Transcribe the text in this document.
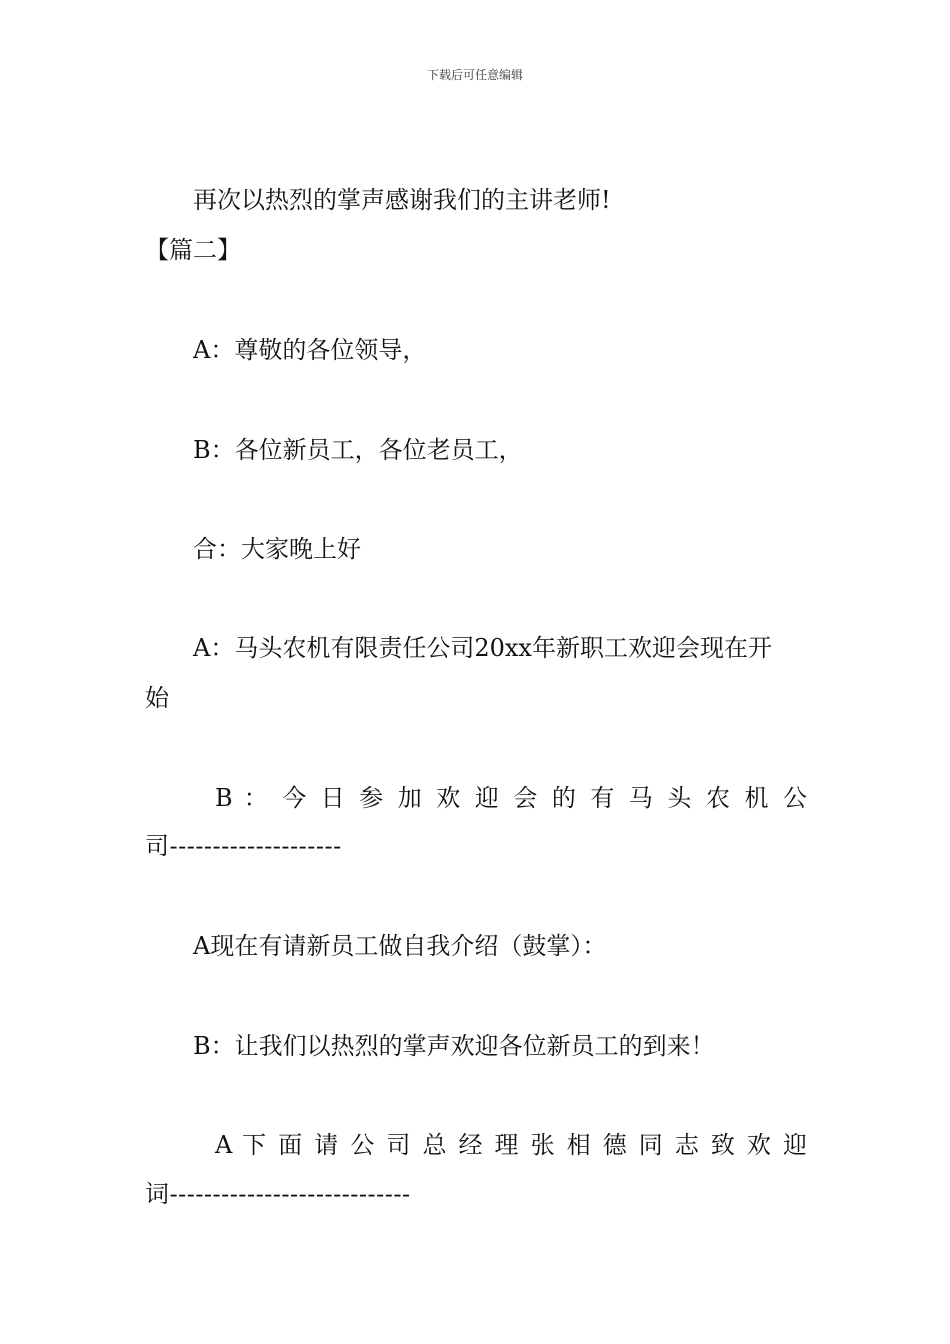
下载后可任意编辑
再次以热烈的掌声感谢我们的主讲老师!
【篇二】
A：尊敬的各位领导，
B：各位新员工，各位老员工，
合：大家晚上好
A：马头农机有限责任公司20xx年新职工欢迎会现在开
始
B ： 今 日 参 加 欢 迎 会 的 有 马 头 农 机 公
司--------------------
A现在有请新员工做自我介绍（鼓掌）：
B：让我们以热烈的掌声欢迎各位新员工的到来！
A 下 面 请 公 司 总 经 理 张 相 德 同 志 致 欢 迎
词----------------------------
